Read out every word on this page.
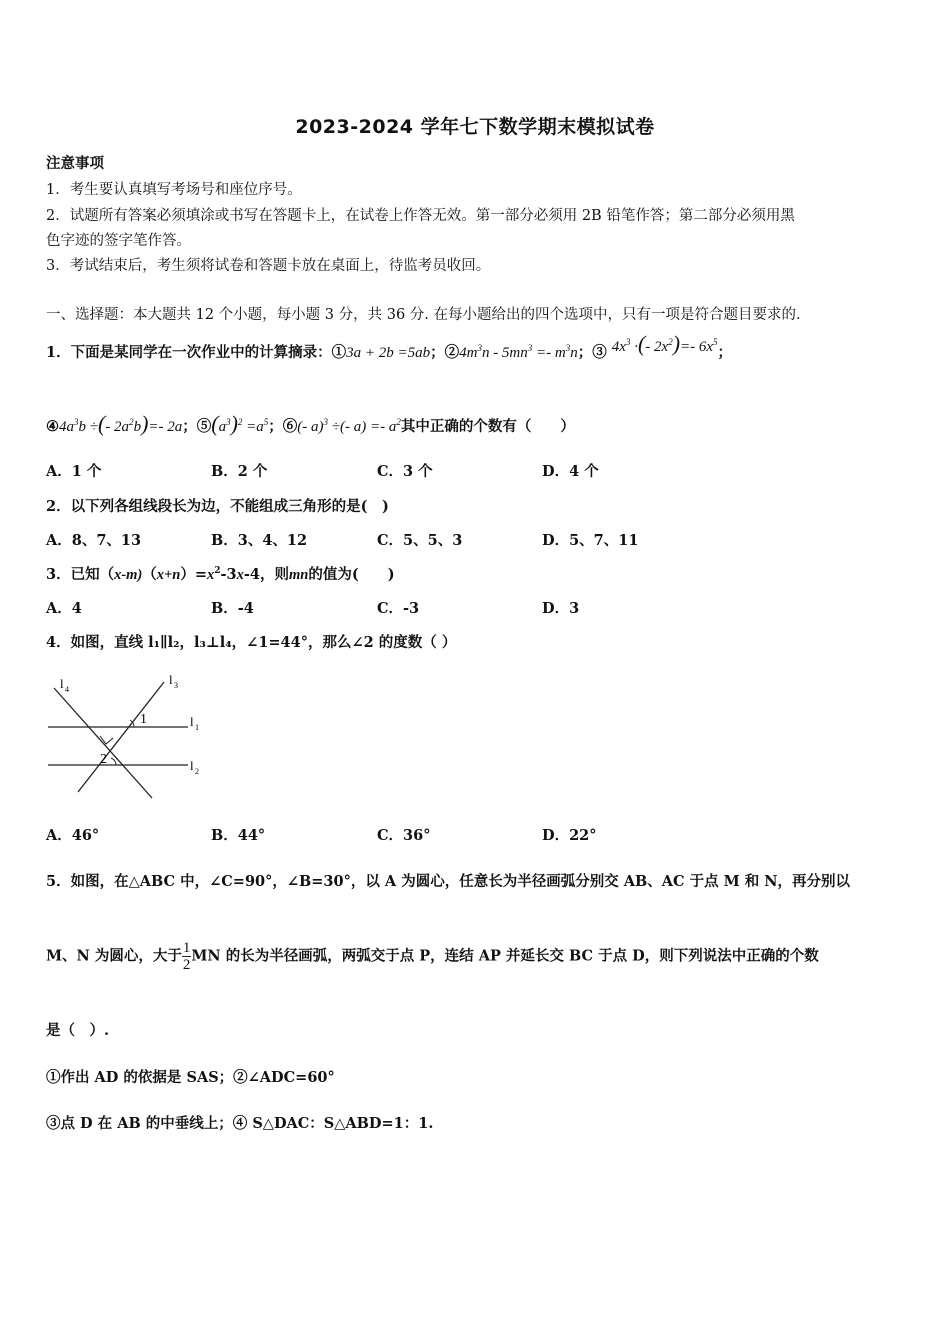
2023-2024 学年七下数学期末模拟试卷
注意事项
1．考生要认真填写考场号和座位序号。
2．试题所有答案必须填涂或书写在答题卡上，在试卷上作答无效。第一部分必须用 2B 铅笔作答；第二部分必须用黑
色字迹的签字笔作答。
3．考试结束后，考生须将试卷和答题卡放在桌面上，待监考员收回。
一、选择题：本大题共 12 个小题，每小题 3 分，共 36 分. 在每小题给出的四个选项中，只有一项是符合题目要求的.
1．下面是某同学在一次作业中的计算摘录：①3a + 2b =5ab；$②4m^3n - 5mn^3 =- m^3n$；③ $4x^3$ ·(- $2x^2)=-$ $6x^5$；
$④4a^3b$ ÷(- $2a^2b)=-$ 2a；$⑤(a^3)^2 =a^5$；⑥(- a)$^3$ ÷(- $a) =- a^2$其中正确的个数有（　　）
A．1 个	B．2 个	C．3 个	D．4 个
2．以下列各组线段长为边，不能组成三角形的是(　)
A．8、7、13	B．3、4、12	C．5、5、3	D．5、7、11
3．已知$(x-m)(x+n)=x^2-3x-4$，则mn的值为(　　)
A．4	B．-4	C．-3	D．3
4．如图，直线 l₁∥l₂，l₃⊥l₄，∠1=44°，那么∠2 的度数（ ）
1
2
l 4
l 3
l 1
l 2
A．46°	B．44°	C．36°	D．22°
5．如图，在△ABC 中，∠C=90°，∠B=30°，以 A 为圆心，任意长为半径画弧分别交 AB、AC 于点 M 和 N，再分别以
M、N 为圆心，大于 $\frac{1}{2}$ MN 的长为半径画弧，两弧交于点 P，连结 AP 并延长交 BC 于点 D，则下列说法中正确的个数
是（　）.
①作出 AD 的依据是 SAS；②∠ADC=60°
③点 D 在 AB 的中垂线上；④ S△DAC：S△ABD=1：1.
